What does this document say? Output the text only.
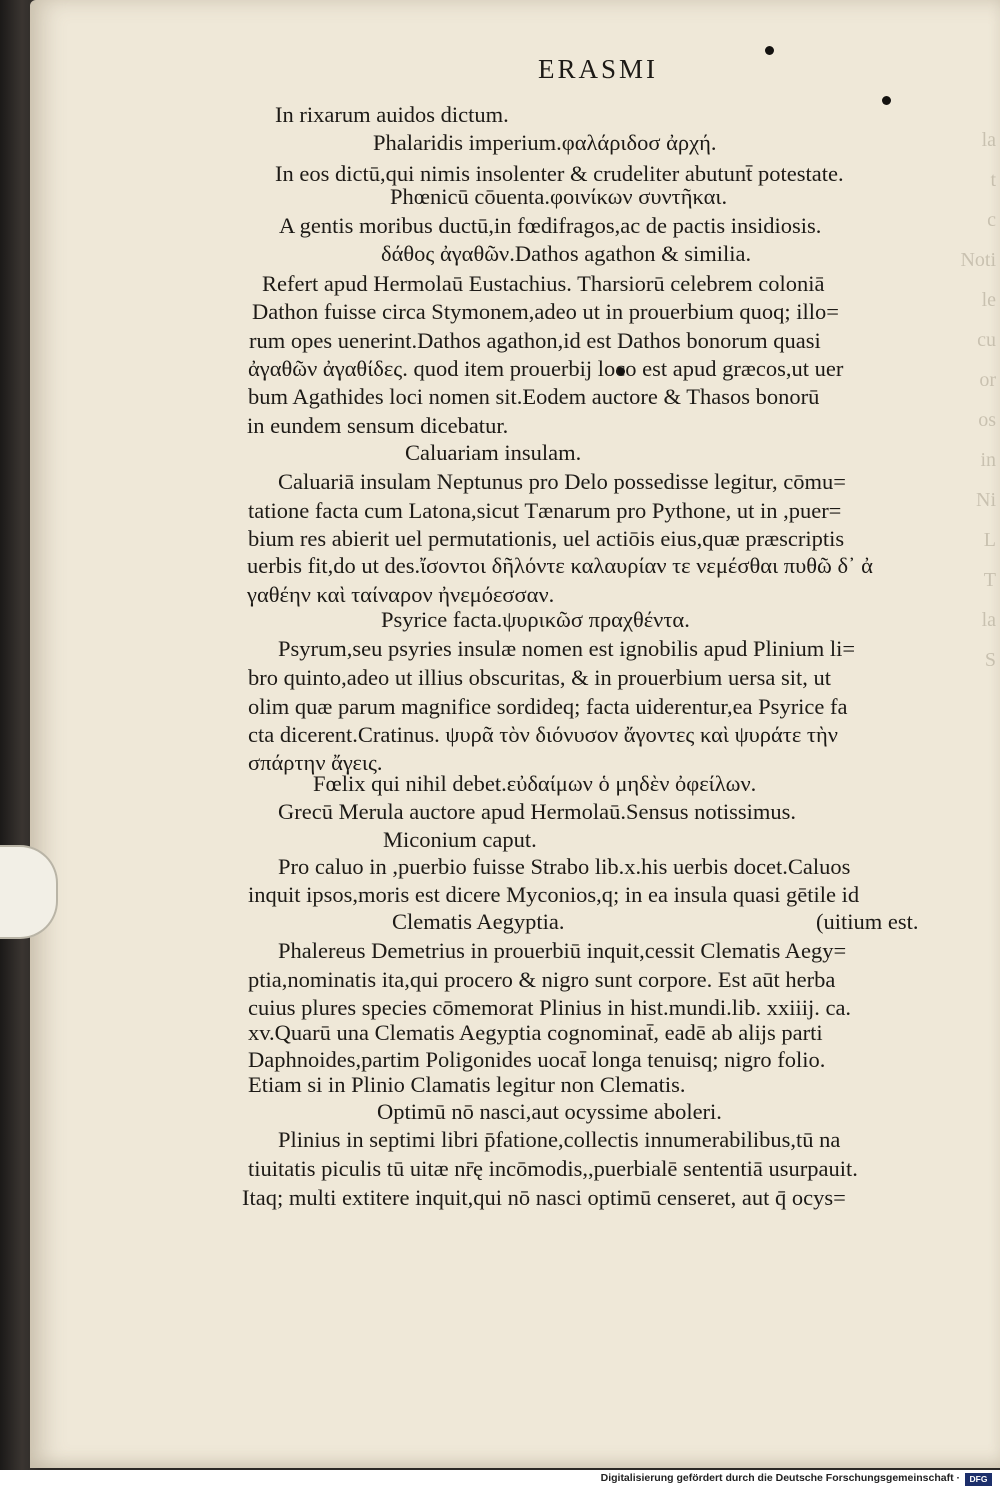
la
t
c
Noti
le
cu
or
os
in
Ni
L
T
la
S
ERASMI
In rixarum auidos dictum.
Phalaridis imperium.φαλάριδοσ ἀρχή.
In eos dictū,qui nimis insolenter & crudeliter abutunt̄ potestate.
Phœnicū cōuenta.φοινίκων συντῆκαι.
A gentis moribus ductū,in fœdifragos,ac de pactis insidiosis.
δάθος ἀγαθῶν.Dathos agathon & similia.
Refert apud Hermolaū Eustachius. Tharsiorū celebrem coloniā
Dathon fuisse circa Stymonem,adeo ut in prouerbium quoq; illo=
rum opes uenerint.Dathos agathon,id est Dathos bonorum quasi
ἀγαθῶν ἀγαθίδες. quod item prouerbij loco est apud græcos,ut uer
bum Agathides loci nomen sit.Eodem auctore & Thasos bonorū
in eundem sensum dicebatur.
Caluariam insulam.
Caluariā insulam Neptunus pro Delo possedisse legitur, cōmu=
tatione facta cum Latona,sicut Tænarum pro Pythone, ut in ,puer=
bium res abierit uel permutationis, uel actiōis eius,quæ præscriptis
uerbis fit,do ut des.ἴσοντοι δῆλόντε καλαυρίαν τε νεμέσθαι πυθῶ δ᾽ ἀ
γαθέην καὶ ταίναρον ἠνεμόεσσαν.
Psyrice facta.ψυρικῶσ πραχθέντα.
Psyrum,seu psyries insulæ nomen est ignobilis apud Plinium li=
bro quinto,adeo ut illius obscuritas, & in prouerbium uersa sit, ut
olim quæ parum magnifice sordideq; facta uiderentur,ea Psyrice fa
cta dicerent.Cratinus. ψυρᾶ τὸν διόνυσον ἄγοντες καὶ ψυράτε τὴν
σπάρτην ἄγεις.
Fœlix qui nihil debet.εὐδαίμων ὁ μηδὲν ὀφείλων.
Grecū Merula auctore apud Hermolaū.Sensus notissimus.
Miconium caput.
Pro caluo in ,puerbio fuisse Strabo lib.x.his uerbis docet.Caluos
inquit ipsos,moris est dicere Myconios,q; in ea insula quasi gētile id
Clematis Aegyptia.	(uitium est.
Phalereus Demetrius in prouerbiū inquit,cessit Clematis Aegy=
ptia,nominatis ita,qui procero & nigro sunt corpore. Est aūt herba
cuius plures species cōmemorat Plinius in hist.mundi.lib. xxiiij. ca.
xv.Quarū una Clematis Aegyptia cognominat̄, eadē ab alijs parti
Daphnoides,partim Poligonides uocat̄ longa tenuisq; nigro folio.
Etiam si in Plinio Clamatis legitur non Clematis.
Optimū nō nasci,aut ocyssime aboleri.
Plinius in septimi libri p̄fatione,collectis innumerabilibus,tū na
tiuitatis piculis tū uitæ nr̄ę incōmodis,,puerbialē sententiā usurpauit.
Itaq; multi extitere inquit,qui nō nasci optimū censeret, aut q̄ ocys=
Digitalisierung gefördert durch die Deutsche Forschungsgemeinschaft ·	DFG
